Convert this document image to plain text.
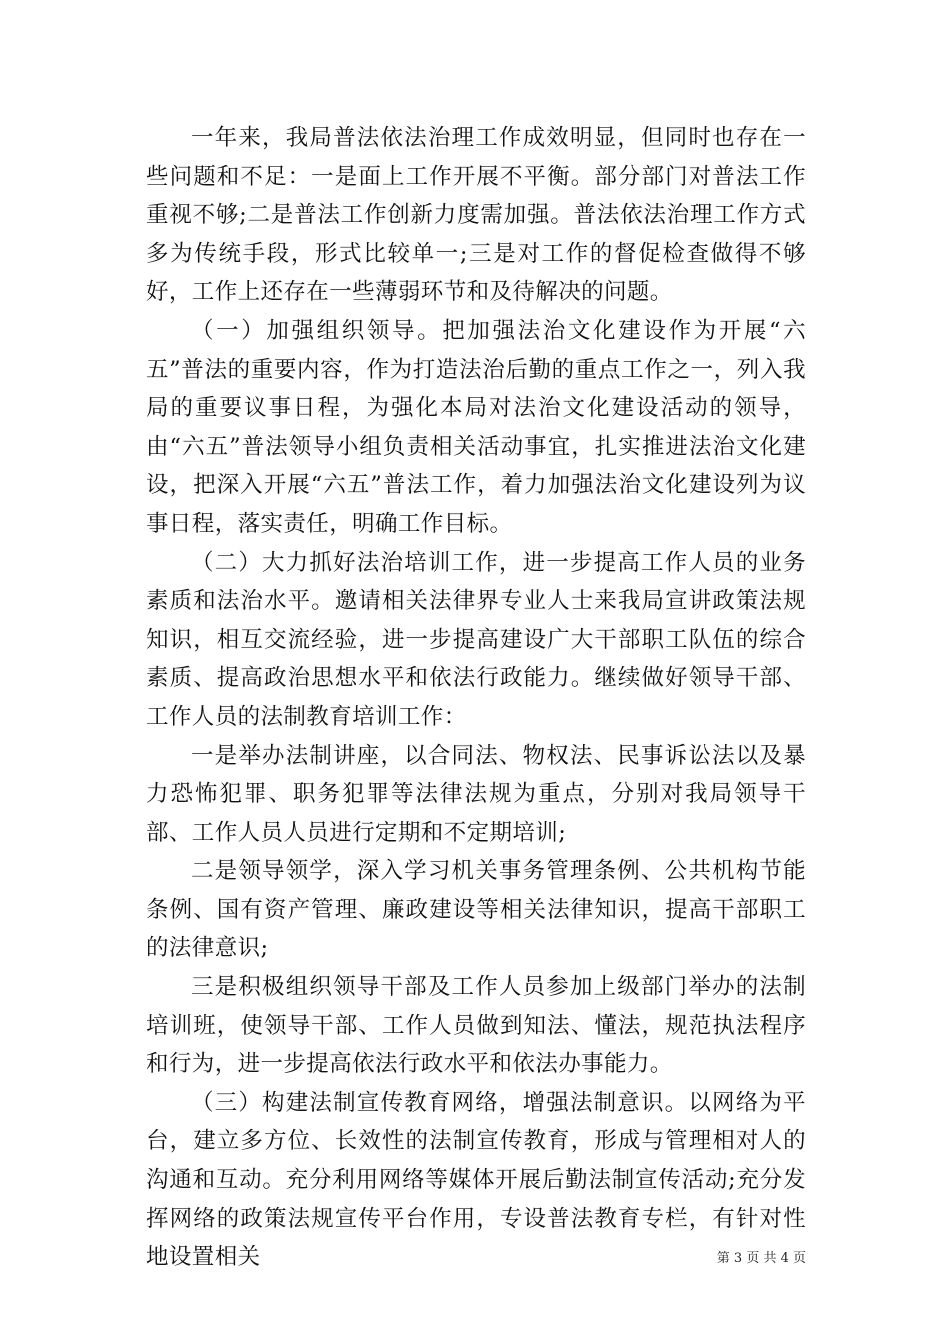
一年来，我局普法依法治理工作成效明显，但同时也存在一些问题和不足：一是面上工作开展不平衡。部分部门对普法工作重视不够;二是普法工作创新力度需加强。普法依法治理工作方式多为传统手段，形式比较单一;三是对工作的督促检查做得不够好，工作上还存在一些薄弱环节和及待解决的问题。

（一）加强组织领导。把加强法治文化建设作为开展“六五”普法的重要内容，作为打造法治后勤的重点工作之一，列入我局的重要议事日程，为强化本局对法治文化建设活动的领导，由“六五”普法领导小组负责相关活动事宜，扎实推进法治文化建设，把深入开展“六五”普法工作，着力加强法治文化建设列为议事日程，落实责任，明确工作目标。

（二）大力抓好法治培训工作，进一步提高工作人员的业务素质和法治水平。邀请相关法律界专业人士来我局宣讲政策法规知识，相互交流经验，进一步提高建设广大干部职工队伍的综合素质、提高政治思想水平和依法行政能力。继续做好领导干部、工作人员的法制教育培训工作：

一是举办法制讲座，以合同法、物权法、民事诉讼法以及暴力恐怖犯罪、职务犯罪等法律法规为重点，分别对我局领导干部、工作人员人员进行定期和不定期培训;

二是领导领学，深入学习机关事务管理条例、公共机构节能条例、国有资产管理、廉政建设等相关法律知识，提高干部职工的法律意识;

三是积极组织领导干部及工作人员参加上级部门举办的法制培训班，使领导干部、工作人员做到知法、懂法，规范执法程序和行为，进一步提高依法行政水平和依法办事能力。

（三）构建法制宣传教育网络，增强法制意识。以网络为平台，建立多方位、长效性的法制宣传教育，形成与管理相对人的沟通和互动。充分利用网络等媒体开展后勤法制宣传活动;充分发挥网络的政策法规宣传平台作用，专设普法教育专栏，有针对性地设置相关	第 3 页 共 4 页
